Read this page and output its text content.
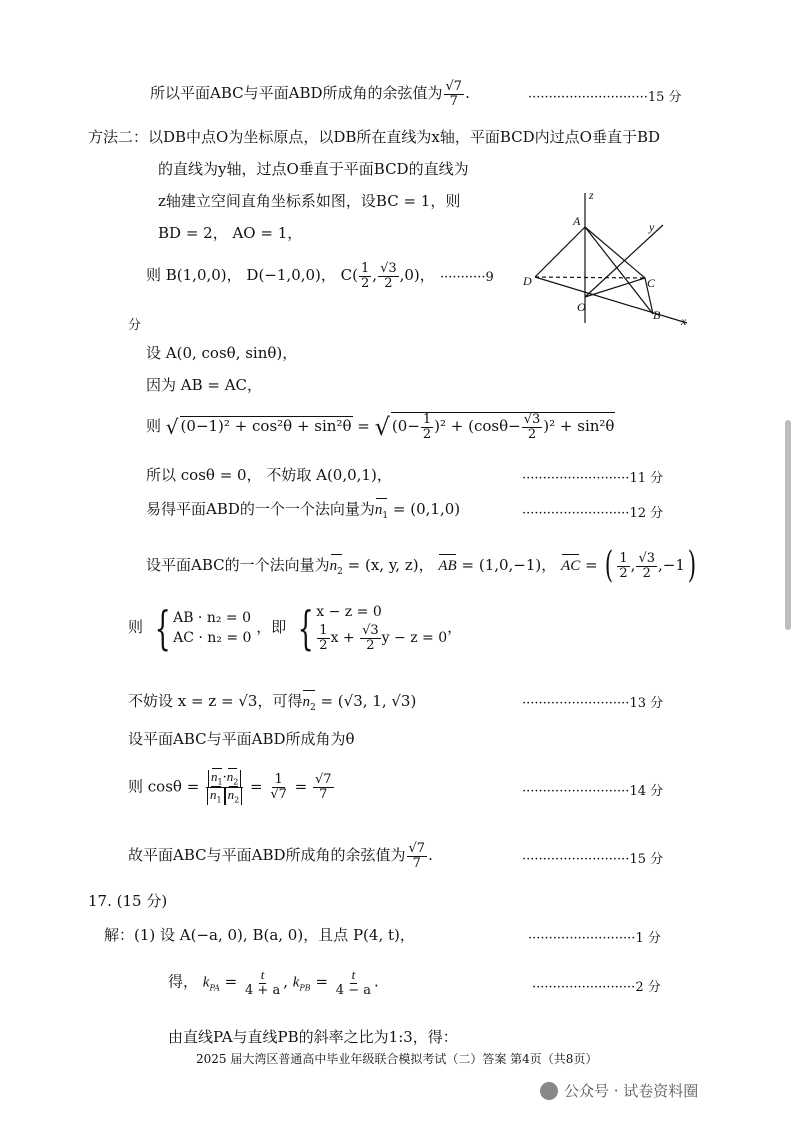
所以平面ABC与平面ABD所成角的余弦值为 $\frac{√7}{7}$ .	·····························15 分
方法二：以DB中点O为坐标原点，以DB所在直线为x轴，平面BCD内过点O垂直于BD
的直线为y轴，过点O垂直于平面BCD的直线为
z轴建立空间直角坐标系如图，设BC = 1，则
BD = 2， AO = 1，
则 B(1,0,0)， D(−1,0,0)， $C( \frac{1}{2}$ , $\frac{√3}{2} ,0$)， ···········9
分
z
A	y
D	C
O
B x
设 A(0, cosθ, sinθ)，
因为 AB = AC，
则 √ (0−1)² + cos²θ + sin²θ = √ $(0- \frac{1}{2} )^2 + (\cos\theta- \frac{√3}{2} )^2 + \sin^2\theta$
所以 cosθ = 0， 不妨取 A(0,0,1)，	··························11 分
易得平面ABD的一个一个法向量为$n_1 = (0,1,0)$	··························12 分
设平面ABC的一个法向量为$n_2 = (x$, y, z)， AB = (1,0,−1)， AC = ( $\frac{1}{2}$ , $\frac{√3}{2} ,-1$)
则 { AB · n₂ = 0
AC · n₂ = 0
，即 { x − z = 0
$\frac{1}{2}$ $x + \frac{√3}{2}$ y − z = 0
，
不妨设 x = z = √3，可得$n_2 = (√3$, 1, √3)	··························13 分
设平面ABC与平面ABD所成角为θ
则 $\cos\theta = \frac{n_1\cdot n_2}{n_1 n_2} = \frac{1}{√7} = \frac{√7}{7}$	··························14 分
故平面ABC与平面ABD所成角的余弦值为 $\frac{√7}{7}$ .	··························15 分
17. (15 分)
解：(1) 设 A(−a, 0), B(a, 0)，且点 P(4, t)，	··························1 分
得， $k_{PA} = \frac{t}{4 + a}$ , $k_{PB} = \frac{t}{4 - a}$ .	·························2 分
由直线PA与直线PB的斜率之比为1:3，得：
2025 届大湾区普通高中毕业年级联合模拟考试（二）答案 第4页（共8页）
公众号 · 试卷资料圈
